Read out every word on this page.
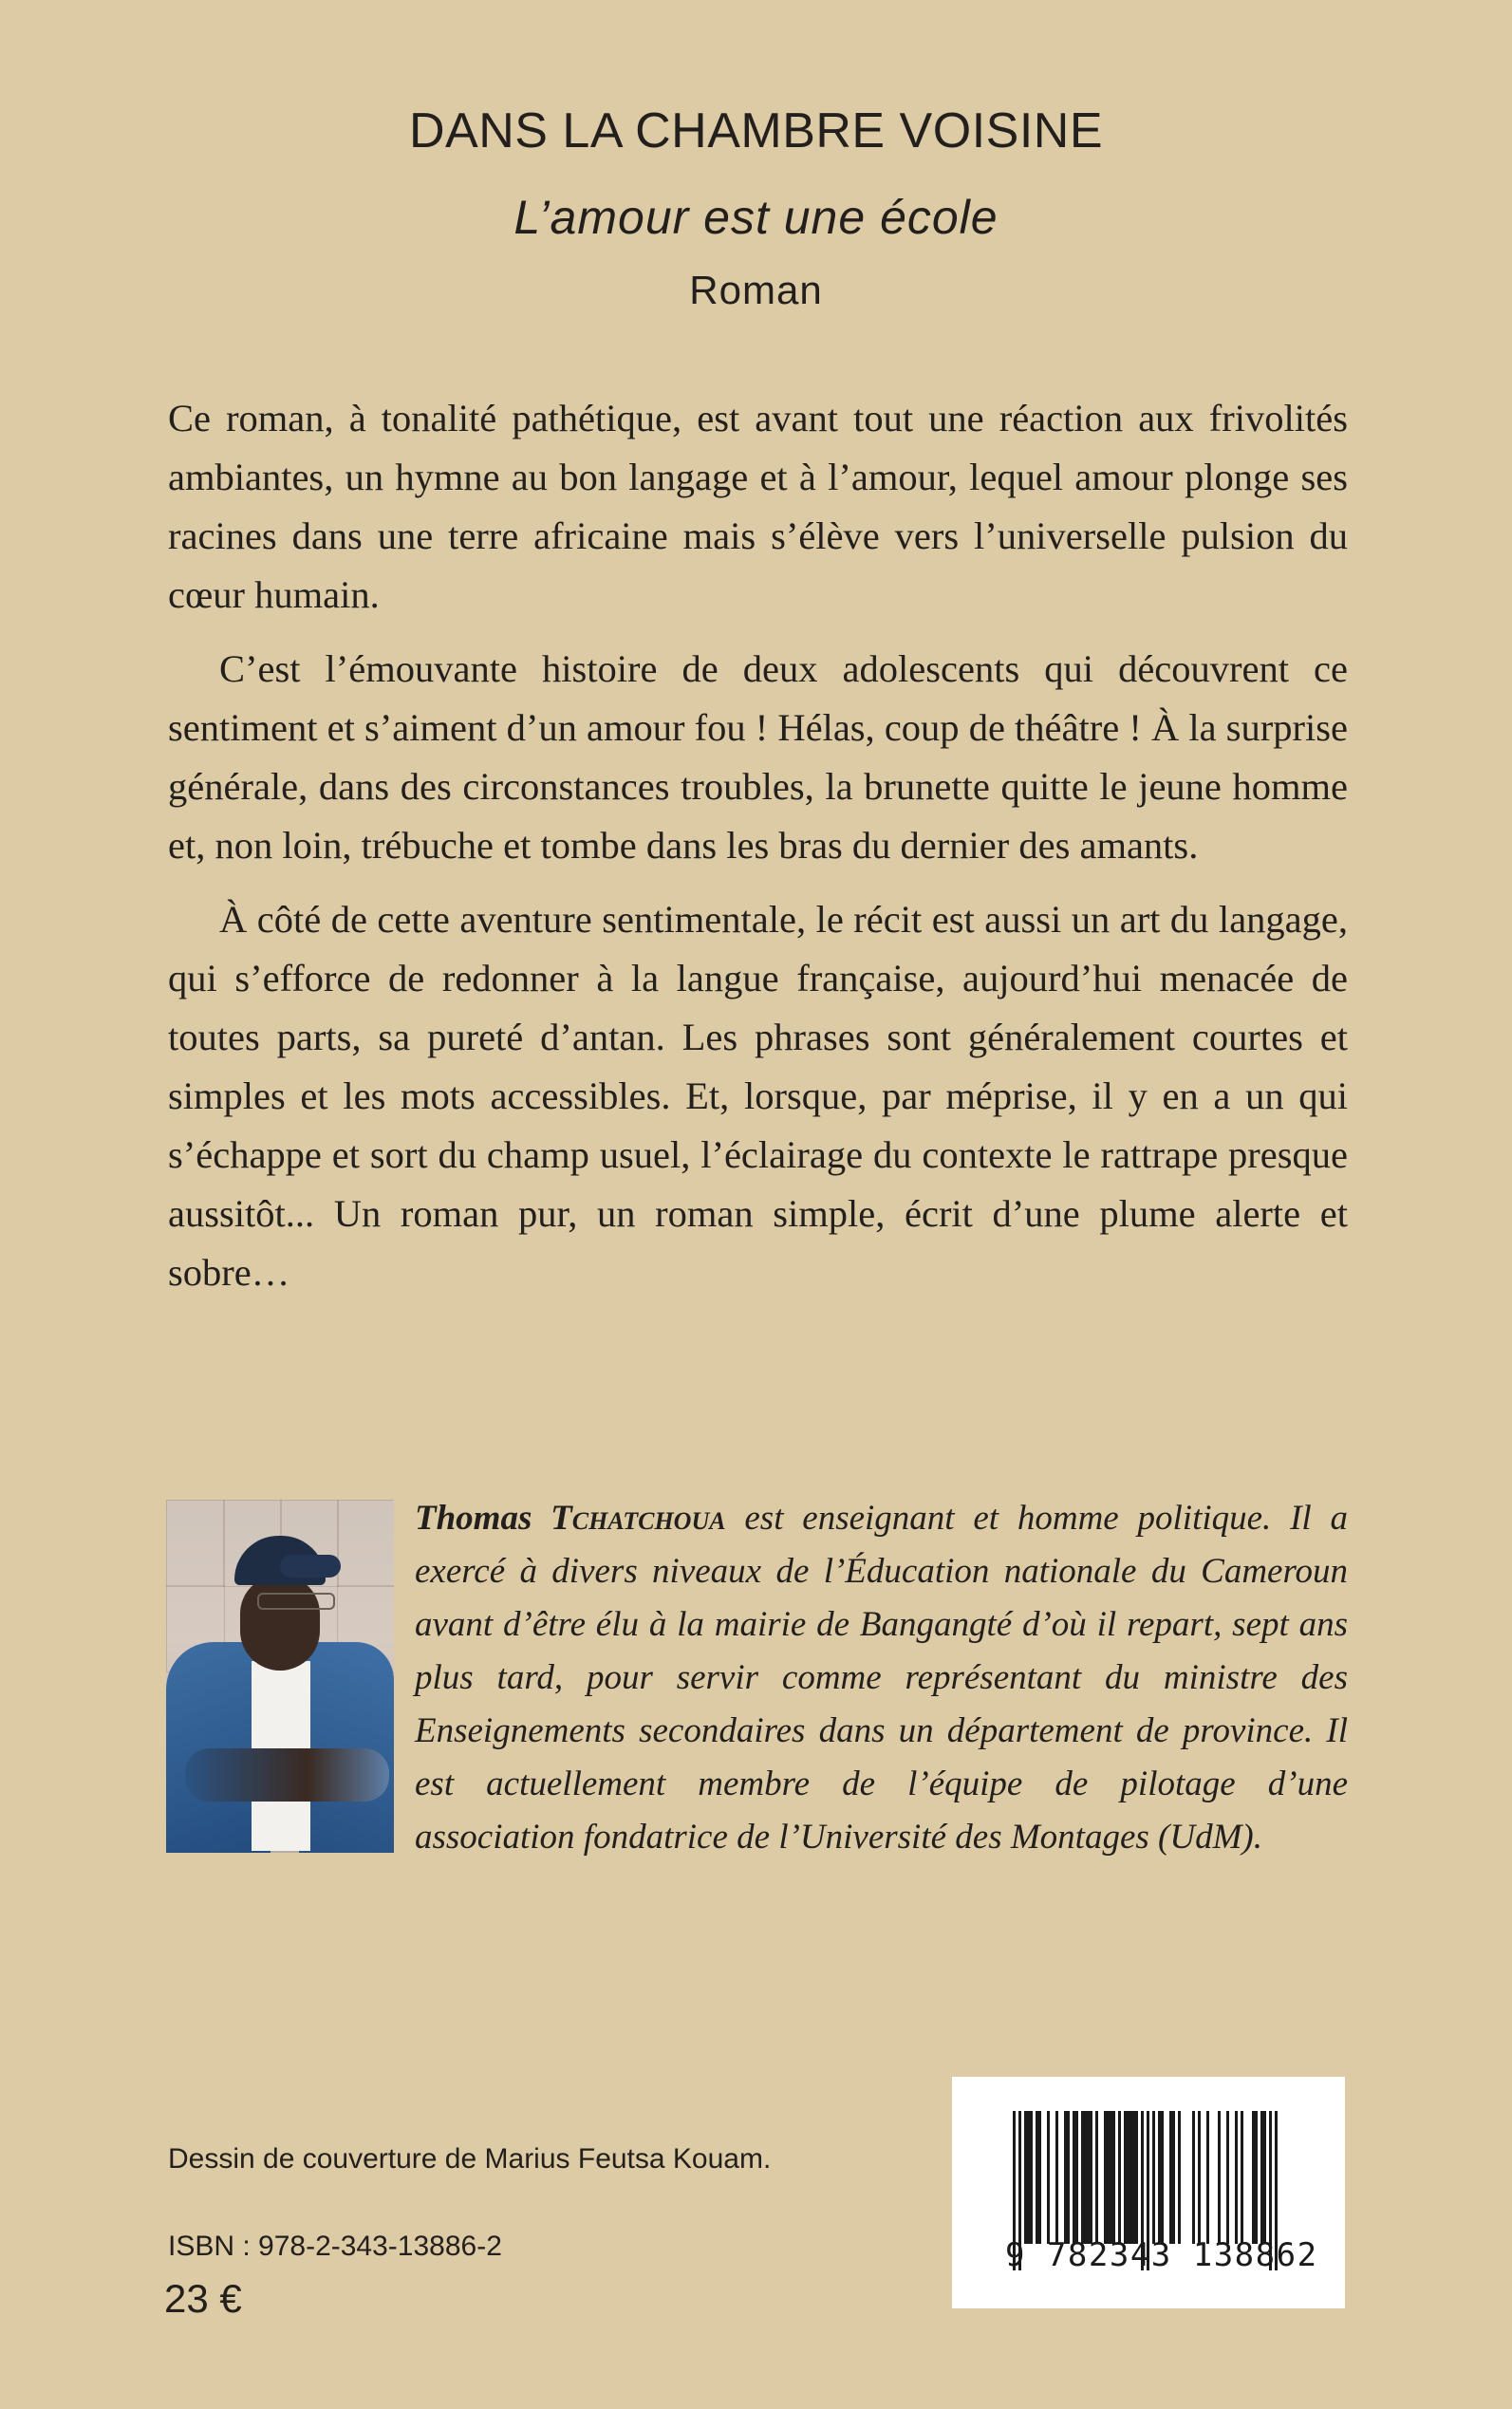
DANS LA CHAMBRE VOISINE
L’amour est une école
Roman

Ce roman, à tonalité pathétique, est avant tout une réaction aux frivolités ambiantes, un hymne au bon langage et à l’amour, lequel amour plonge ses racines dans une terre africaine mais s’élève vers l’universelle pulsion du cœur humain.

C’est l’émouvante histoire de deux adolescents qui découvrent ce sentiment et s’aiment d’un amour fou ! Hélas, coup de théâtre ! À la surprise générale, dans des circonstances troubles, la brunette quitte le jeune homme et, non loin, trébuche et tombe dans les bras du dernier des amants.

À côté de cette aventure sentimentale, le récit est aussi un art du langage, qui s’efforce de redonner à la langue française, aujourd’hui menacée de toutes parts, sa pureté d’antan. Les phrases sont généralement courtes et simples et les mots accessibles. Et, lorsque, par méprise, il y en a un qui s’échappe et sort du champ usuel, l’éclairage du contexte le rattrape presque aussitôt... Un roman pur, un roman simple, écrit d’une plume alerte et sobre…

Thomas Tchatchoua est enseignant et homme politique. Il a exercé à divers niveaux de l’Éducation nationale du Cameroun avant d’être élu à la mairie de Bangangté d’où il repart, sept ans plus tard, pour servir comme représentant du ministre des Enseignements secondaires dans un département de province. Il est actuellement membre de l’équipe de pilotage d’une association fondatrice de l’Université des Montages (UdM).
Dessin de couverture de Marius Feutsa Kouam.
ISBN : 978-2-343-13886-2
23 €
9 782343 138862
